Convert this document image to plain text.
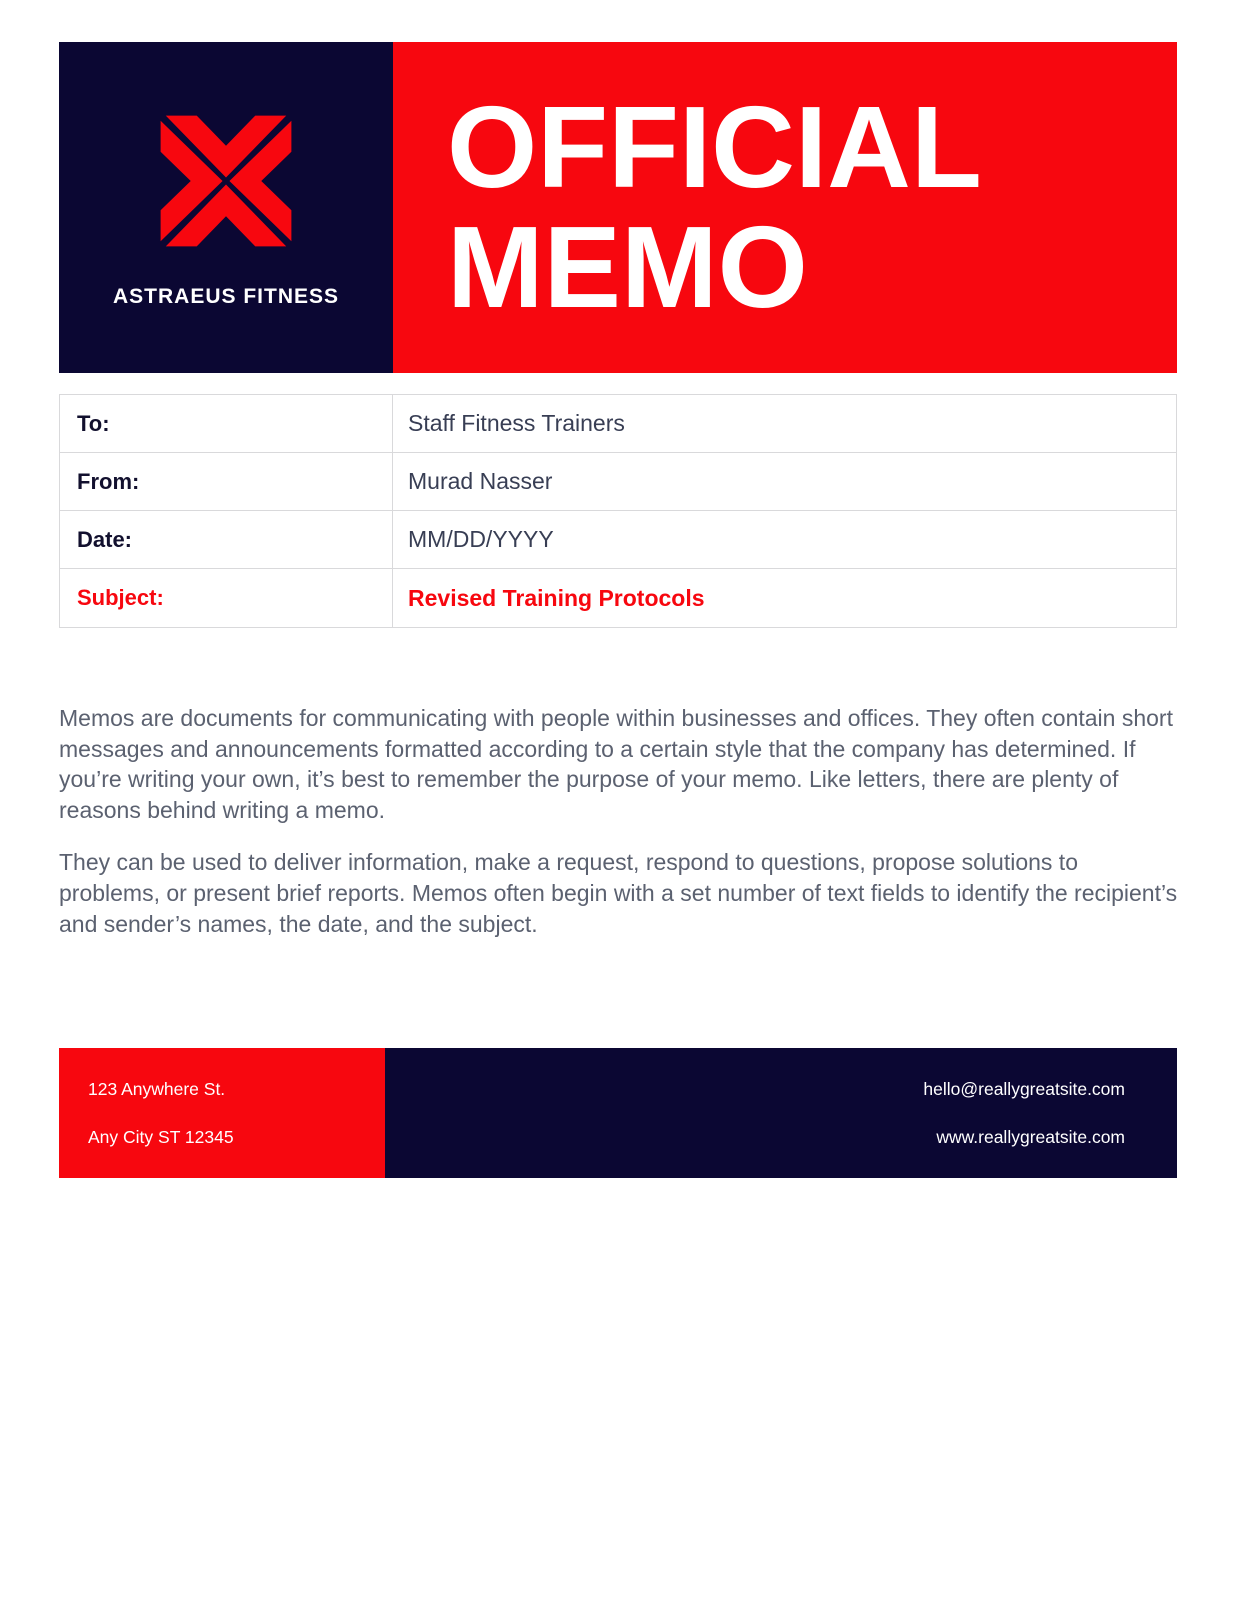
ASTRAEUS FITNESS
OFFICIAL
MEMO
To:	Staff Fitness Trainers
From:	Murad Nasser
Date:	MM/DD/YYYY
Subject:	Revised Training Protocols

Memos are documents for communicating with people within businesses and offices. They often contain short messages and announcements formatted according to a certain style that the company has determined. If you’re writing your own, it’s best to remember the purpose of your memo. Like letters, there are plenty of reasons behind writing a memo.

They can be used to deliver information, make a request, respond to questions, propose solutions to problems, or present brief reports. Memos often begin with a set number of text fields to identify the recipient’s and sender’s names, the date, and the subject.

123 Anywhere St.
Any City ST 12345
hello@reallygreatsite.com
www.reallygreatsite.com
